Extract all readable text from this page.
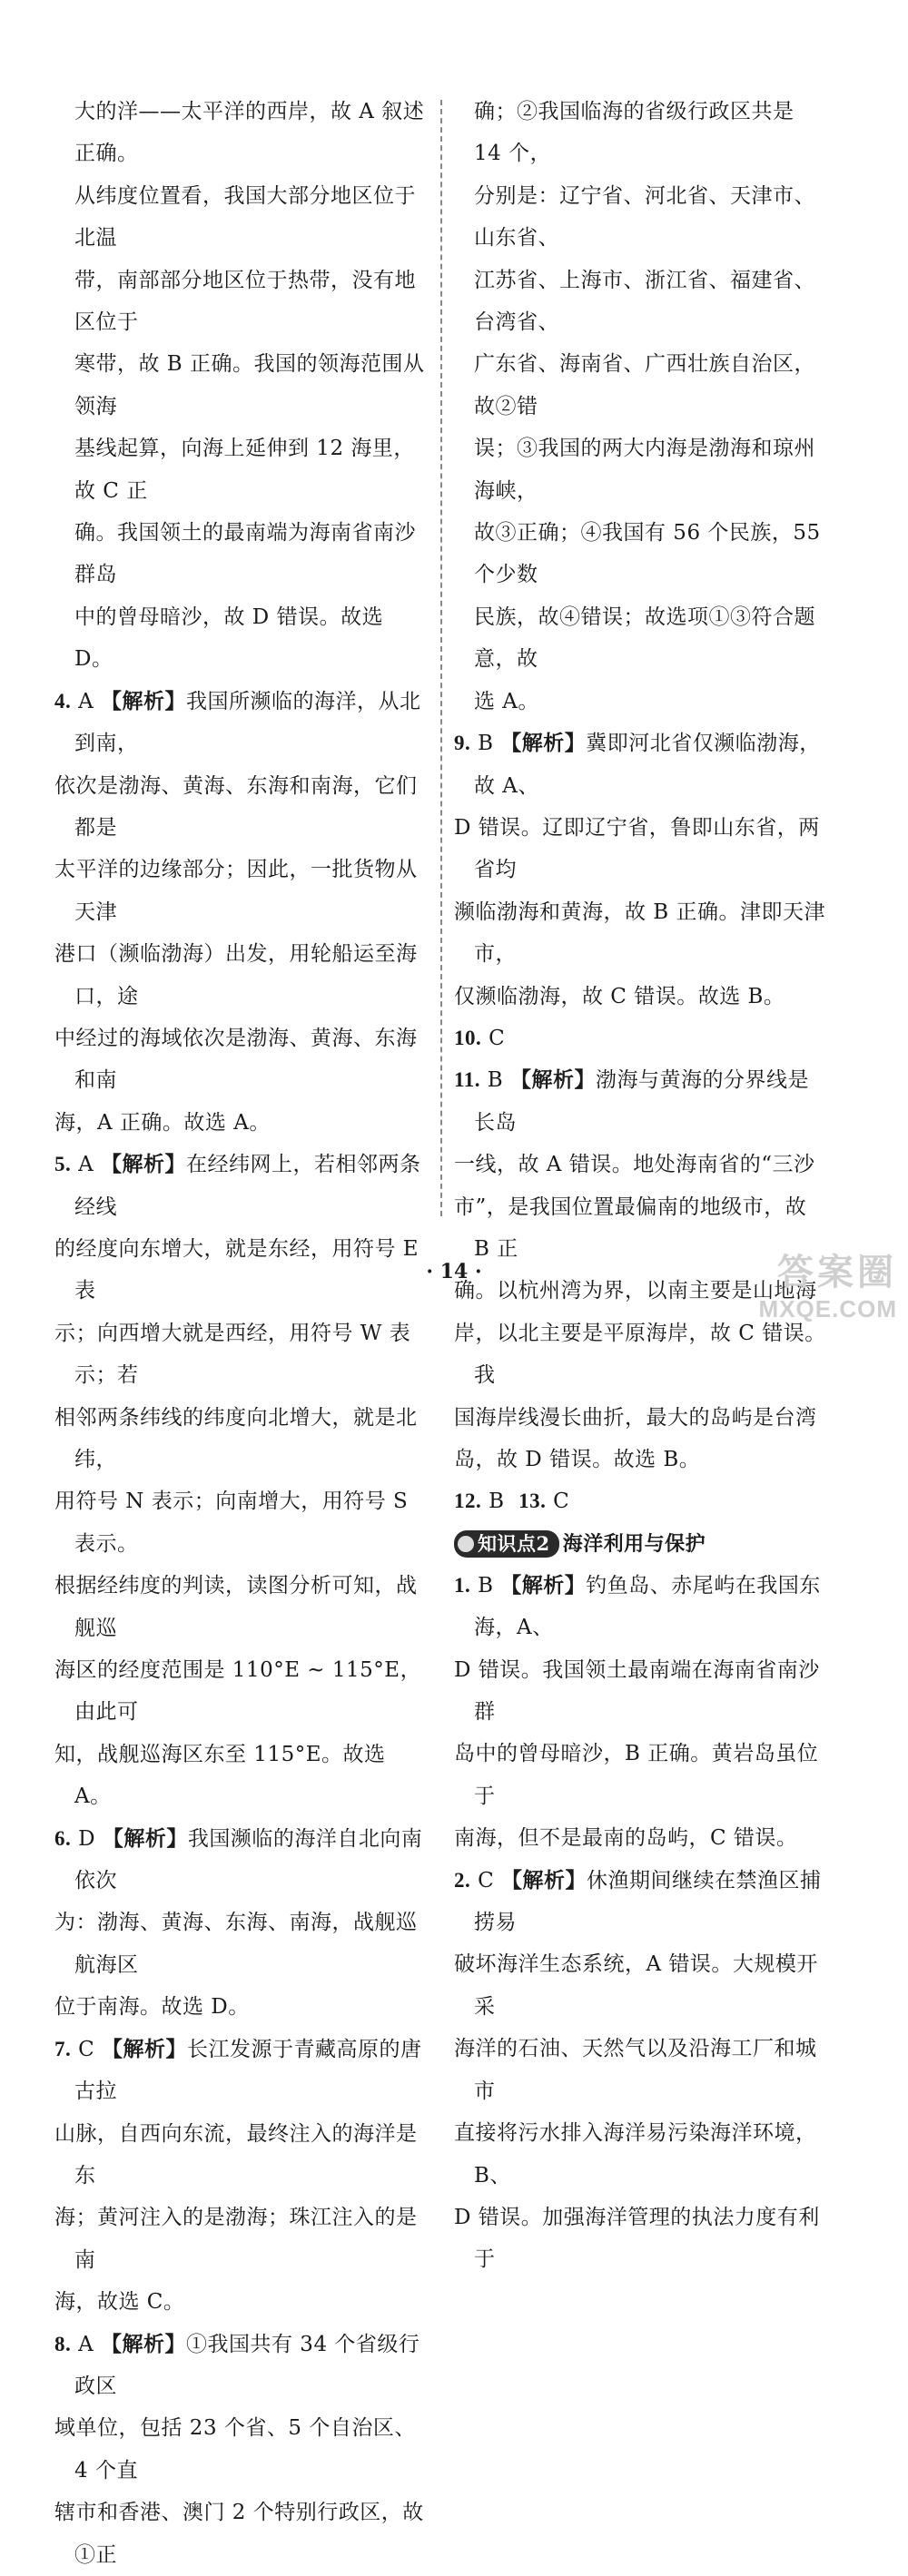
大的洋——太平洋的西岸，故 A 叙述正确。

从纬度位置看，我国大部分地区位于北温

带，南部部分地区位于热带，没有地区位于

寒带，故 B 正确。我国的领海范围从领海

基线起算，向海上延伸到 12 海里，故 C 正

确。我国领土的最南端为海南省南沙群岛

中的曾母暗沙，故 D 错误。故选 D。

4. A 【解析】我国所濒临的海洋，从北到南，

依次是渤海、黄海、东海和南海，它们都是

太平洋的边缘部分；因此，一批货物从天津

港口（濒临渤海）出发，用轮船运至海口，途

中经过的海域依次是渤海、黄海、东海和南

海，A 正确。故选 A。

5. A 【解析】在经纬网上，若相邻两条经线

的经度向东增大，就是东经，用符号 E 表

示；向西增大就是西经，用符号 W 表示；若

相邻两条纬线的纬度向北增大，就是北纬，

用符号 N 表示；向南增大，用符号 S 表示。

根据经纬度的判读，读图分析可知，战舰巡

海区的经度范围是 110°E ~ 115°E，由此可

知，战舰巡海区东至 115°E。故选 A。

6. D 【解析】我国濒临的海洋自北向南依次

为：渤海、黄海、东海、南海，战舰巡航海区

位于南海。故选 D。

7. C 【解析】长江发源于青藏高原的唐古拉

山脉，自西向东流，最终注入的海洋是东

海；黄河注入的是渤海；珠江注入的是南

海，故选 C。

8. A 【解析】①我国共有 34 个省级行政区

域单位，包括 23 个省、5 个自治区、4 个直

辖市和香港、澳门 2 个特别行政区，故①正

确；②我国临海的省级行政区共是 14 个，

分别是：辽宁省、河北省、天津市、山东省、

江苏省、上海市、浙江省、福建省、台湾省、

广东省、海南省、广西壮族自治区，故②错

误；③我国的两大内海是渤海和琼州海峡，

故③正确；④我国有 56 个民族，55 个少数

民族，故④错误；故选项①③符合题意，故

选 A。

9. B 【解析】冀即河北省仅濒临渤海，故 A、

D 错误。辽即辽宁省，鲁即山东省，两省均

濒临渤海和黄海，故 B 正确。津即天津市，

仅濒临渤海，故 C 错误。故选 B。

10. C

11. B 【解析】渤海与黄海的分界线是长岛

一线，故 A 错误。地处海南省的“三沙

市”，是我国位置最偏南的地级市，故 B 正

确。以杭州湾为界，以南主要是山地海

岸，以北主要是平原海岸，故 C 错误。我

国海岸线漫长曲折，最大的岛屿是台湾

岛，故 D 错误。故选 B。

12. B 13. C

知识点2 海洋利用与保护

1. B 【解析】钓鱼岛、赤尾屿在我国东海，A、

D 错误。我国领土最南端在海南省南沙群

岛中的曾母暗沙，B 正确。黄岩岛虽位于

南海，但不是最南的岛屿，C 错误。

2. C 【解析】休渔期间继续在禁渔区捕捞易

破坏海洋生态系统，A 错误。大规模开采

海洋的石油、天然气以及沿海工厂和城市

直接将污水排入海洋易污染海洋环境，B、

D 错误。加强海洋管理的执法力度有利于

· 14 ·	答案圈
MXQE.COM
